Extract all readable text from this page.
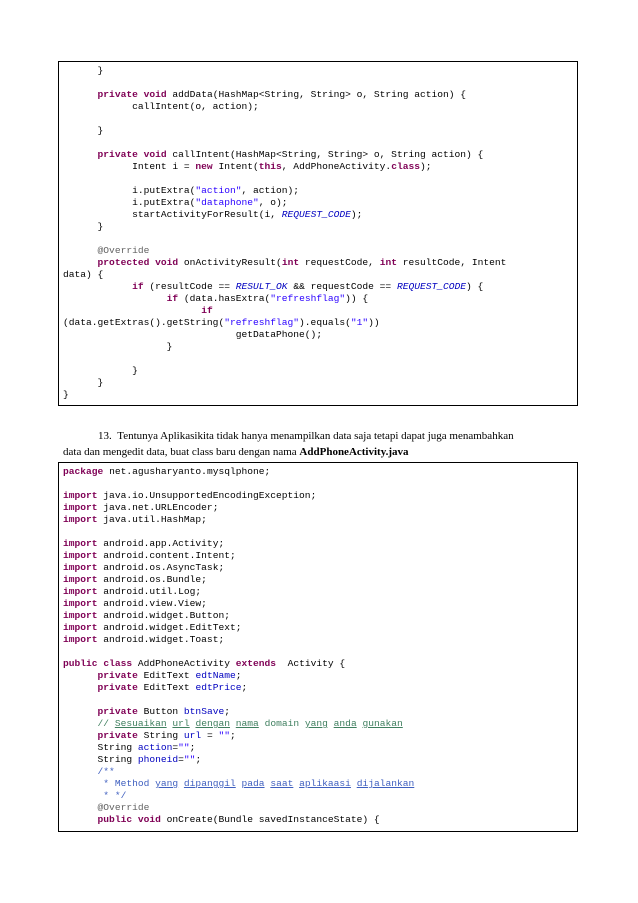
}
private void addData(HashMap<String, String> o, String action) {
callIntent(o, action);
}
private void callIntent(HashMap<String, String> o, String action) {
Intent i = new Intent(this, AddPhoneActivity.class);
i.putExtra("action", action);
i.putExtra("dataphone", o);
startActivityForResult(i, REQUEST_CODE);
}
@Override
protected void onActivityResult(int requestCode, int resultCode, Intent
data) {
if (resultCode == RESULT_OK && requestCode == REQUEST_CODE) {
if (data.hasExtra("refreshflag")) {
if
(data.getExtras().getString("refreshflag").equals("1"))
getDataPhone();
}
}
}
}
13. Tentunya Aplikasikita tidak hanya menampilkan data saja tetapi dapat juga menambahkan
data dan mengedit data, buat class baru dengan nama AddPhoneActivity.java
package net.agusharyanto.mysqlphone;
import java.io.UnsupportedEncodingException;
import java.net.URLEncoder;
import java.util.HashMap;
import android.app.Activity;
import android.content.Intent;
import android.os.AsyncTask;
import android.os.Bundle;
import android.util.Log;
import android.view.View;
import android.widget.Button;
import android.widget.EditText;
import android.widget.Toast;
public class AddPhoneActivity extends  Activity {
private EditText edtName;
private EditText edtPrice;
private Button btnSave;
// Sesuaikan url dengan nama domain yang anda gunakan
private String url = "";
String action="";
String phoneid="";
/**
* Method yang dipanggil pada saat aplikaasi dijalankan
* */
@Override
public void onCreate(Bundle savedInstanceState) {
